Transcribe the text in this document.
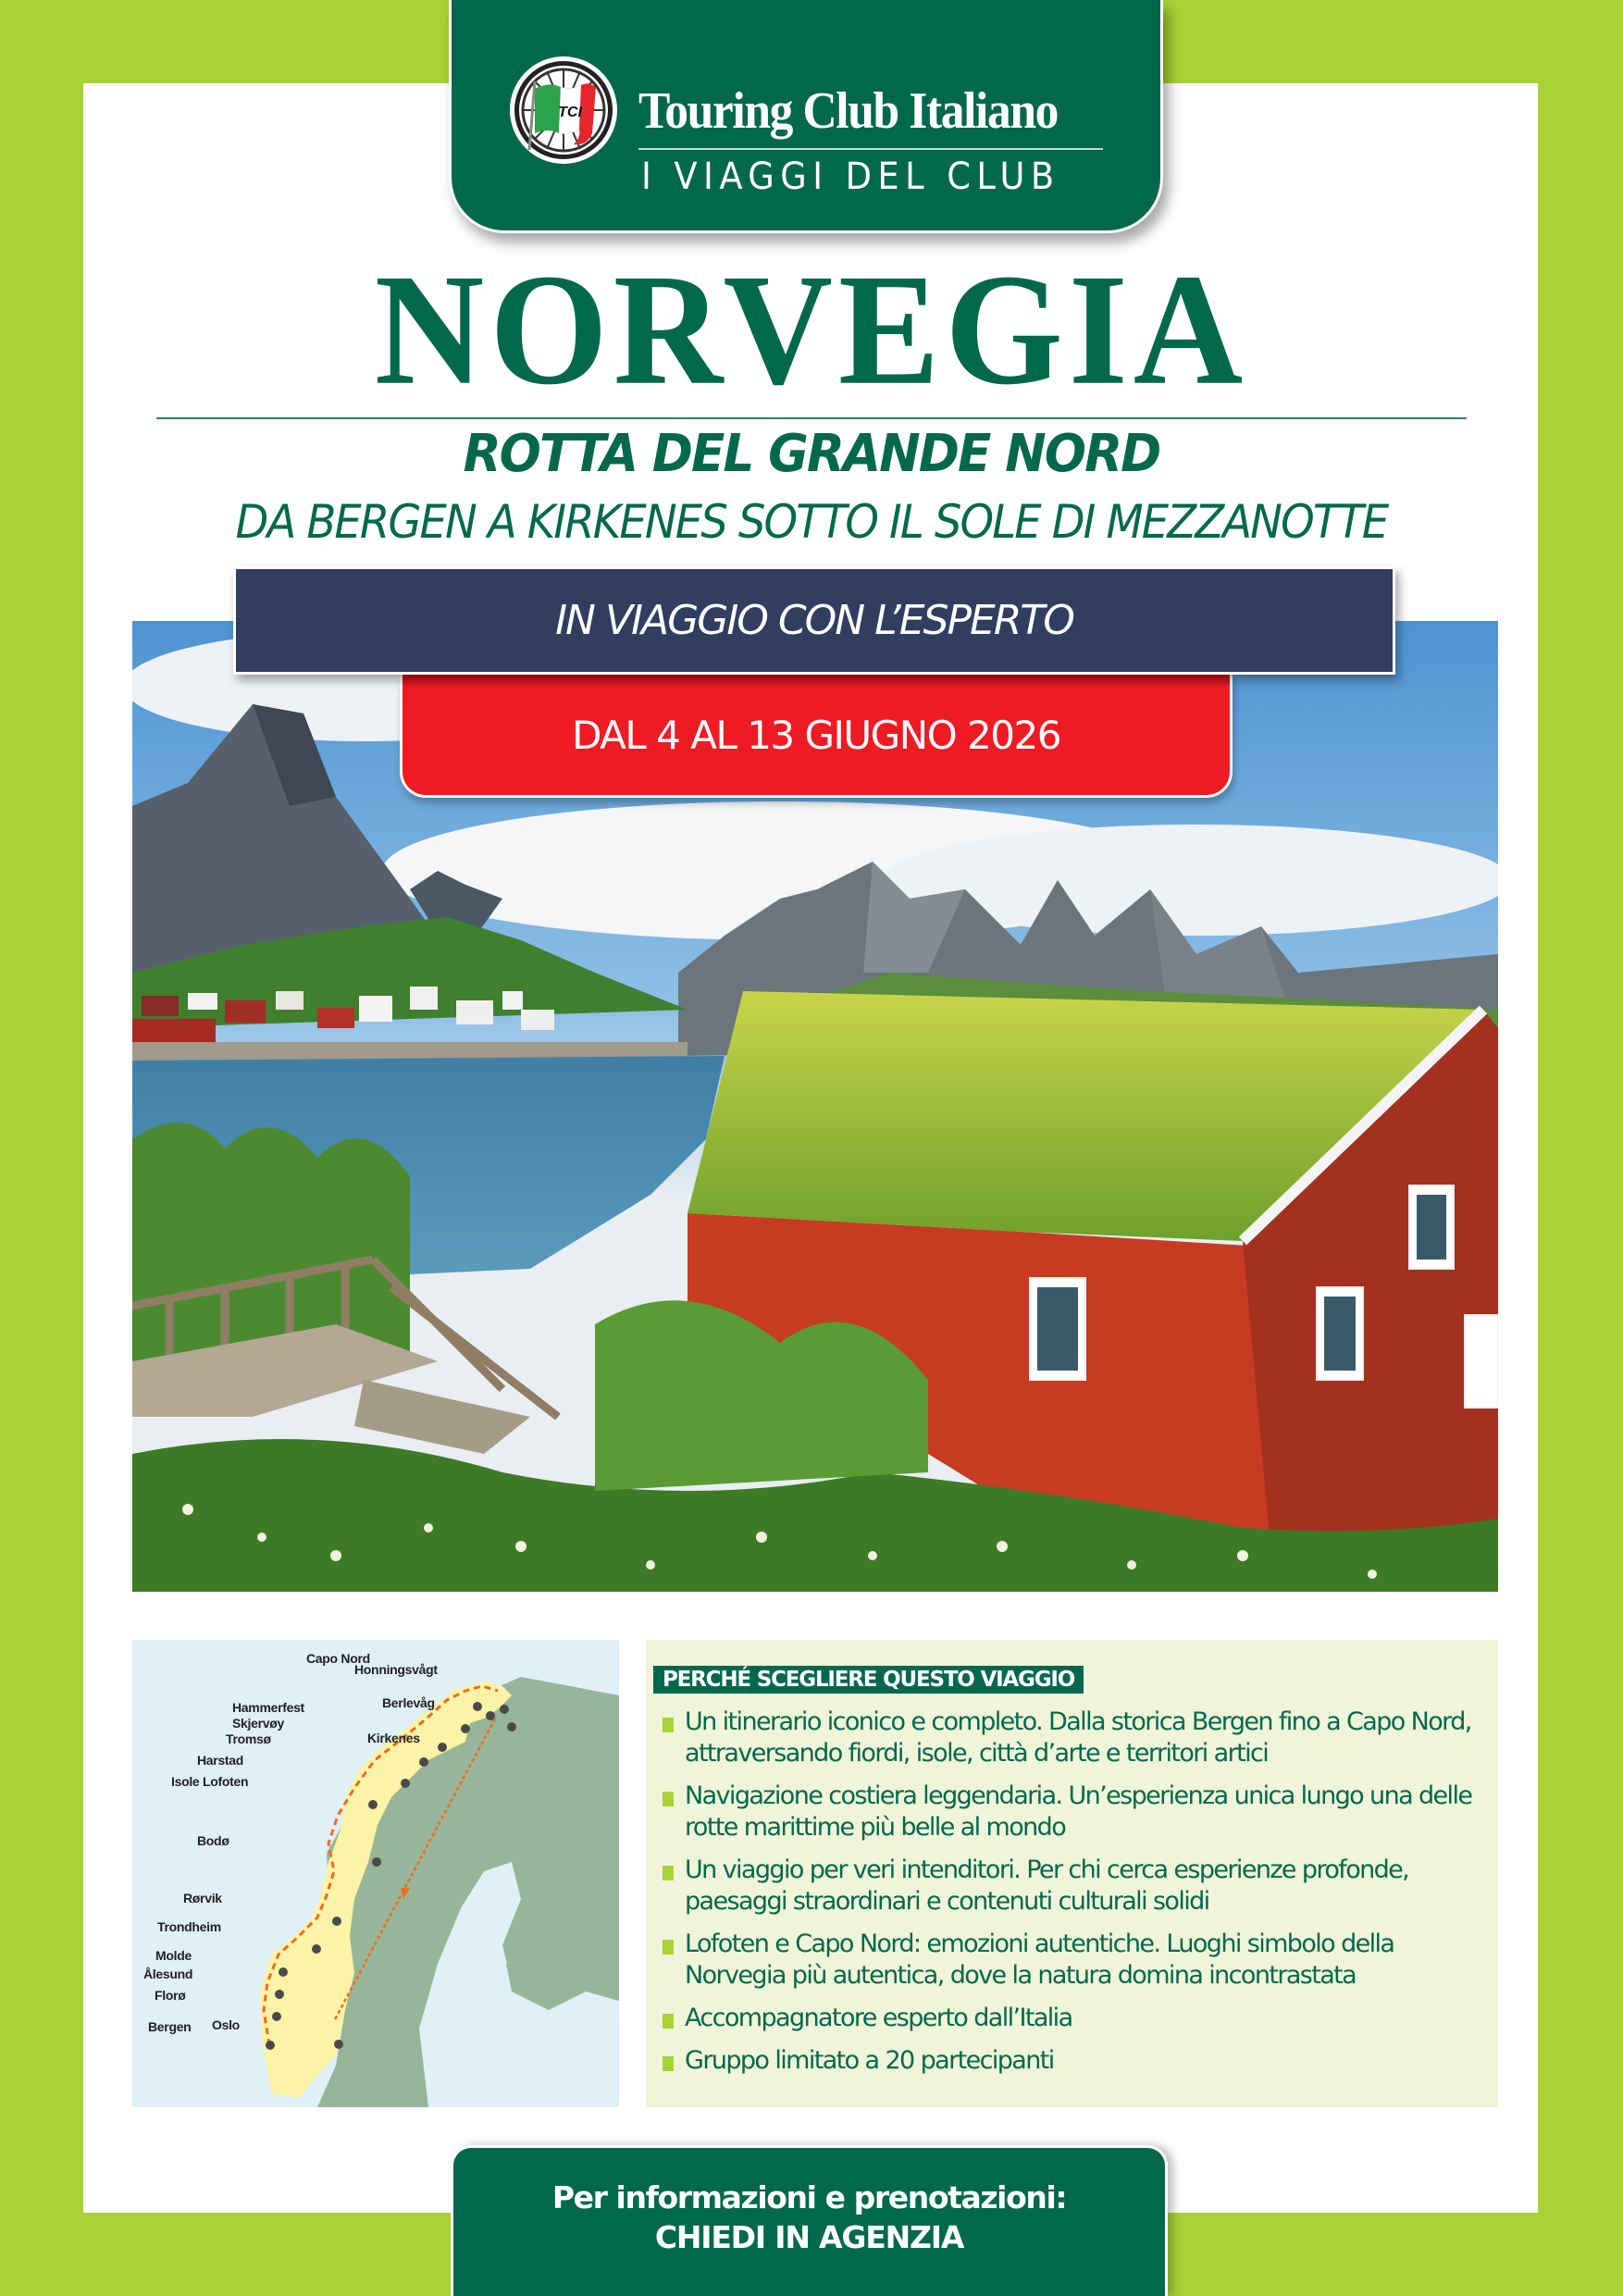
TCI Touring Club Italiano
I VIAGGI DEL CLUB
NORVEGIA
ROTTA DEL GRANDE NORD
DA BERGEN A KIRKENES SOTTO IL SOLE DI MEZZANOTTE
DAL 4 AL 13 GIUGNO 2026
IN VIAGGIO CON L’ESPERTO
Capo Nord
Honningsvågt
Hammerfest
Skjervøy
Berlevåg
Tromsø	Kirkenes
Harstad
Isole Lofoten
Bodø
Rørvik
Trondheim
Molde
Ålesund
Florø
Bergen Oslo
PERCHÉ SCEGLIERE QUESTO VIAGGIO
Un itinerario iconico e completo. Dalla storica Bergen fino a Capo Nord, attraversando fiordi, isole, città d’arte e territori artici
Navigazione costiera leggendaria. Un’esperienza unica lungo una delle rotte marittime più belle al mondo
Un viaggio per veri intenditori. Per chi cerca esperienze profonde, paesaggi straordinari e contenuti culturali solidi
Lofoten e Capo Nord: emozioni autentiche. Luoghi simbolo della Norvegia più autentica, dove la natura domina incontrastata
Accompagnatore esperto dall’Italia
Gruppo limitato a 20 partecipanti
Per informazioni e prenotazioni:
CHIEDI IN AGENZIA
